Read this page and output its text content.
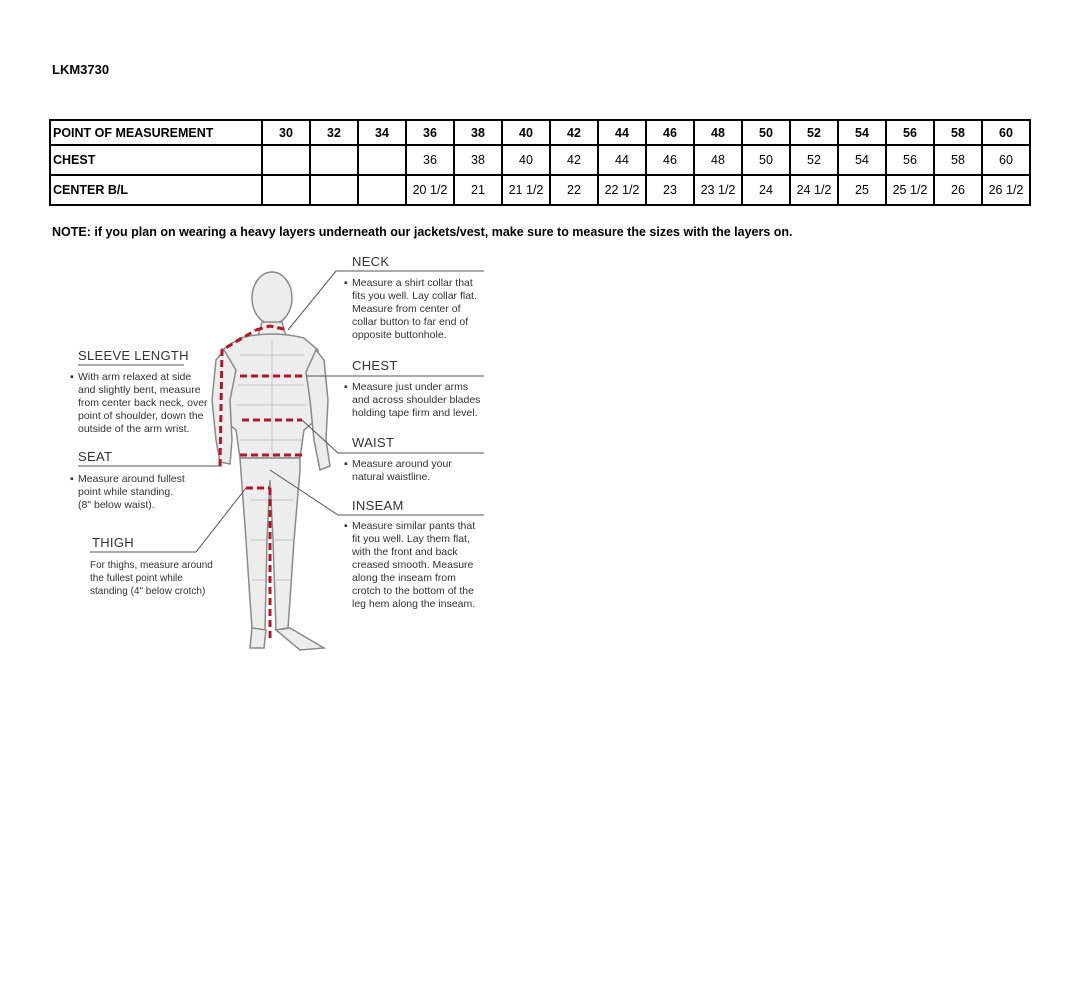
LKM3730
POINT OF MEASUREMENT	30	32	34	36	38	40	42	44	46	48	50	52	54	56	58	60
CHEST				36	38	40	42	44	46	48	50	52	54	56	58	60
CENTER B/L				20 1/2	21	21 1/2	22	22 1/2	23	23 1/2	24	24 1/2	25	25 1/2	26	26 1/2
NOTE: if you plan on wearing a heavy layers underneath our jackets/vest, make sure to measure the sizes with the layers on.
NECK
▪ Measure a shirt collar that
fits you well. Lay collar flat.
Measure from center of
collar button to far end of
opposite buttonhole.
CHEST
▪ Measure just under arms
and across shoulder blades
holding tape firm and level.
WAIST
▪ Measure around your
natural waistline.
INSEAM
▪ Measure similar pants that
fit you well. Lay them flat,
with the front and back
creased smooth. Measure
along the inseam from
crotch to the bottom of the
leg hem along the inseam.
SLEEVE LENGTH
▪ With arm relaxed at side
and slightly bent, measure
from center back neck, over
point of shoulder, down the
outside of the arm wrist.
SEAT
▪ Measure around fullest
point while standing.
(8" below waist).
THIGH
For thighs, measure around
the fullest point while
standing (4" below crotch)
